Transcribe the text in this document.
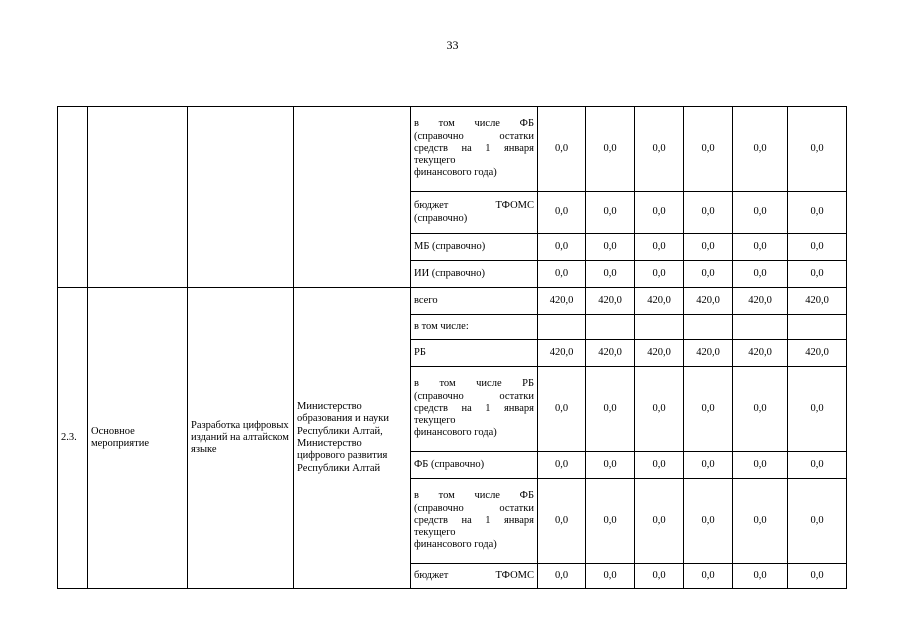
33

				в том числе ФБ
(справочно остатки
средств на 1 января
текущего
финансового года)	0,0	0,0	0,0	0,0	0,0	0,0

				бюджет ТФОМС
(справочно)	0,0	0,0	0,0	0,0	0,0	0,0
				МБ (справочно)	0,0	0,0	0,0	0,0	0,0	0,0
				ИИ (справочно)	0,0	0,0	0,0	0,0	0,0	0,0
2.3.	Основное мероприятие	Разработка цифровых изданий на алтайском языке	Министерство образования и науки Республики Алтай, Министерство цифрового развития Республики Алтай	всего	420,0	420,0	420,0	420,0	420,0	420,0
				в том числе:						
				РБ	420,0	420,0	420,0	420,0	420,0	420,0

				в том числе РБ
(справочно остатки
средств на 1 января
текущего
финансового года)	0,0	0,0	0,0	0,0	0,0	0,0
				ФБ (справочно)	0,0	0,0	0,0	0,0	0,0	0,0

				в том числе ФБ
(справочно остатки
средств на 1 января
текущего
финансового года)	0,0	0,0	0,0	0,0	0,0	0,0

				бюджет ТФОМС	0,0	0,0	0,0	0,0	0,0	0,0
